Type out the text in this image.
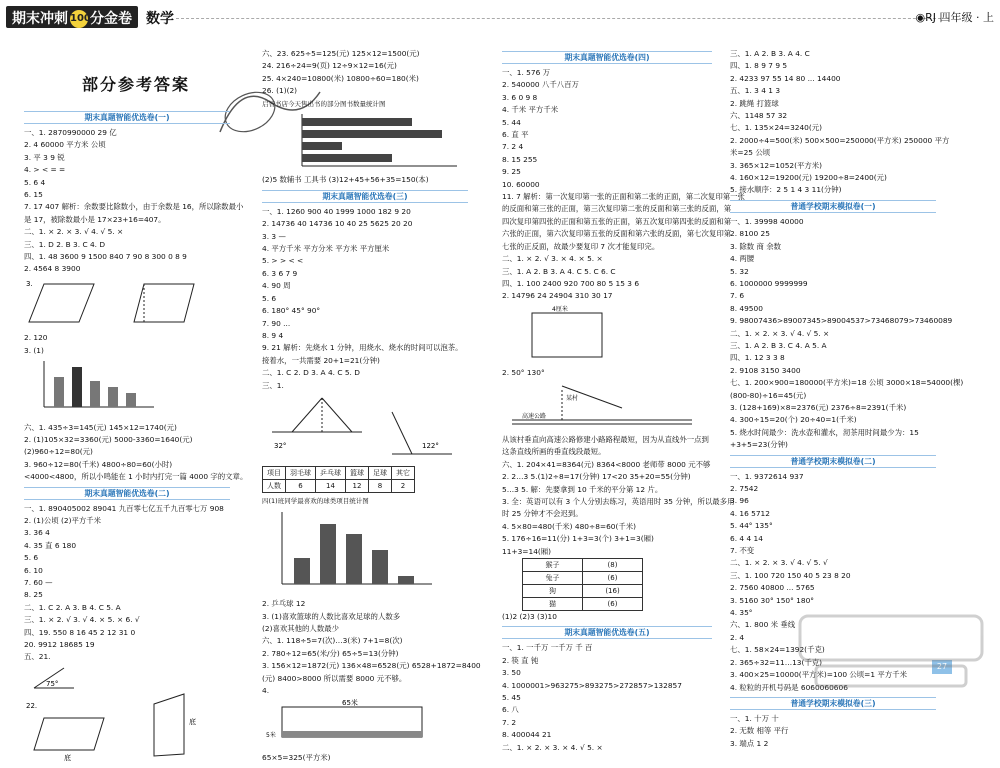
期末冲刺 100分金卷	数学	◉RJ 四年级 · 上
部分参考答案
期末真题智能优选卷(一)
一、1. 2870990000 29 亿
2. 4 60000 平方米 公顷
3. 平 3 9 锐
4. > < = =
5. 6 4
6. 15
7. 17 407 解析：余数要比除数小，由于余数是 16，所以除数最小
是 17，被除数最小是 17×23+16=407。
二、1. × 2. × 3. √ 4. √ 5. ×
三、1. D 2. B 3. C 4. D
四、1. 48 3600 9 1500 840 7 90 8 300 0 8 9
2. 4564 8 3900
3.
2. 120
3. (1)
六、1. 435÷3=145(元) 145×12=1740(元)
2. (1)105×32=3360(元) 5000-3360=1640(元)
(2)960÷12=80(元)
3. 960÷12=80(千米) 4800÷80=60(小时)
<4000<4800，所以小鸣能在 1 小时内打完一篇 4000 字的文章。
期末真题智能优选卷(二)
一、1. 890405002 89041 九百零七亿五千九百零七万 908
2. (1)公顷 (2)平方千米
3. 36 4
4. 35 直 6 180
5. 6
6. 10
7. 60 —
8. 25
二、1. C 2. A 3. B 4. C 5. A
三、1. × 2. √ 3. √ 4. × 5. × 6. √
四、19. 550 8 16 45 2 12 31 0
20. 9912 18685 19
五、21.
75°
22.
底
底
六、23. 625÷5=125(元) 125×12=1500(元)
24. 216÷24=9(页) 12÷9×12=16(元)
25. 4×240=10800(米) 10800÷60=180(米)
26. (1)(2)
启智书店今天售出书的部分图书数量统计图
(2)5 数辅书 工具书 (3)12+45+56+35=150(本)
期末真题智能优选卷(三)
一、1. 1260 900 40 1999 1000 182 9 20
2. 14736 40 14736 10 40 25 5625 20 20
3. 3 —
4. 平方千米 平方分米 平方米 平方厘米
5. > > < <
6. 3 6 7 9
4. 90 周
5. 6
6. 180° 45° 90°
7. 90 ...
8. 9 4
9. 21 解析：先烧水 1 分钟，用烧水、烧水的时间可以泡茶。
接着水，一共需要 20+1=21(分钟)
二、1. C 2. D 3. A 4. C 5. D
三、1.
32°	122°
项目	羽毛球	乒乓球	篮球	足球	其它
人数	6	14	12	8	2
四(1)班同学最喜欢的球类项目统计图
2. 乒乓球 12
3. (1)喜欢篮球的人数比喜欢足球的人数多
(2)喜欢其他的人数最少
六、1. 118÷5=7(次)…3(米) 7+1=8(次)
2. 780÷12=65(米/分) 65÷5=13(分钟)
3. 156×12=1872(元) 136×48=6528(元) 6528+1872=8400
(元) 8400>8000 所以需要 8000 元不够。
4.
65米
5米
65×5=325(平方米)
期末真题智能优选卷(四)
一、1. 576 万
2. 540000 八千八百万
3. 6 0 9 8
4. 千米 平方千米
5. 44
6. 直 平
7. 2 4
8. 15 255
9. 25
10. 60000
11. 7 解析：第一次复印第一张的正面和第二张的正面，第二次复印第一张
的反面和第三张的正面，第三次复印第二张的反面和第三张的反面，第
四次复印第四张的正面和第五张的正面，第五次复印第四张的反面和第
六张的正面，第六次复印第五张的反面和第六张的反面，第七次复印第
七张的正反面，故最少要复印 7 次才能复印完。
二、1. × 2. √ 3. × 4. × 5. ×
三、1. A 2. B 3. A 4. C 5. C 6. C
四、1. 100 2400 920 700 80 5 15 3 6
2. 14796 24 24904 310 30 17
4厘米
2. 50° 130°
高速公路
某村
从该村垂直向高速公路修建小路路程最短，因为从直线外一点到
这条直线所画的垂直线段最短。
六、1. 204×41=8364(元) 8364<8000 老师带 8000 元不够
2. 2…3 5.(1)2÷8=17(分钟) 17<20 35+20=55(分钟)
5…3 5. 解：先要拿到 10 千米的平分第 12 片。
3. 全：英语可以有 3 个人分别去练习，英语用时 35 分钟，所以最多用
时 25 分钟才不会迟到。
4. 5×80=480(千米) 480÷8=60(千米)
5. 176÷16=11(分) 1+3=3(个) 3+1=3(厢)
11+3=14(厢)
猴子	(8)
兔子	(6)
狗	(16)
猫	(6)
(1)2 (2)3 (3)10
期末真题智能优选卷(五)
一、1. 一千万 一千万 千 百
2. 筷 直 钝
3. 50
4. 1000001>963275>893275>272857>132857
5. 45
6. 八
7. 2
8. 400044 21
二、1. × 2. × 3. × 4. √ 5. ×
三、1. A 2. B 3. A 4. C
四、1. 8 9 7 9 5
2. 4233 97 55 14 80 ... 14400
五、1. 3 4 1 3
2. 跳绳 打篮球
六、1148 57 32
七、1. 135×24=3240(元)
2. 2000÷4=500(米) 500×500=250000(平方米) 250000 平方
米=25 公顷
3. 365×12=1052(平方米)
4. 160×12=19200(元) 19200÷8=2400(元)
5. 接水顺序：2 5 1 4 3 11(分钟)
普通学校期末模拟卷(一)
一、1. 39998 40000
2. 8100 25
3. 除数 商 余数
4. 两腰
5. 32
6. 1000000 9999999
7. 6
8. 49500
9. 98007436>89007345>89004537>73468079>73460089
二、1. × 2. × 3. √ 4. √ 5. ×
三、1. A 2. B 3. C 4. A 5. A
四、1. 12 3 3 8
2. 9108 3150 3400
七、1. 200×900=180000(平方米)=18 公顷 3000×18=54000(棵)
(800-80)÷16=45(元)
3. (128+169)×8=2376(元) 2376÷8=2391(千米)
4. 300÷15=20(个) 20÷40=1(千米)
5. 烧水时间最少：洗水壶和灌水，沏茶用时间最少为：15
+3+5=23(分钟)
普通学校期末模拟卷(二)
一、1. 9372614 937
2. 7542
3. 96
4. 16 5712
5. 44° 135°
6. 4 4 14
7. 不变
二、1. × 2. × 3. √ 4. √ 5. √
三、1. 100 720 150 40 5 23 8 20
2. 7560 40800 ... 5765
3. 5160 30° 150° 180°
4. 35°
六、1. 800 米 垂线
2. 4
七、1. 58×24=1392(千克)
2. 365÷32=11…13(千克)
3. 400×25=10000(平方米)=100 公顷=1 平方千米
4. 粒粒的开机号码是 6060060606
普通学校期末模拟卷(三)
一、1. 十万 十
2. 无数 相等 平行
3. 端点 1 2
27
